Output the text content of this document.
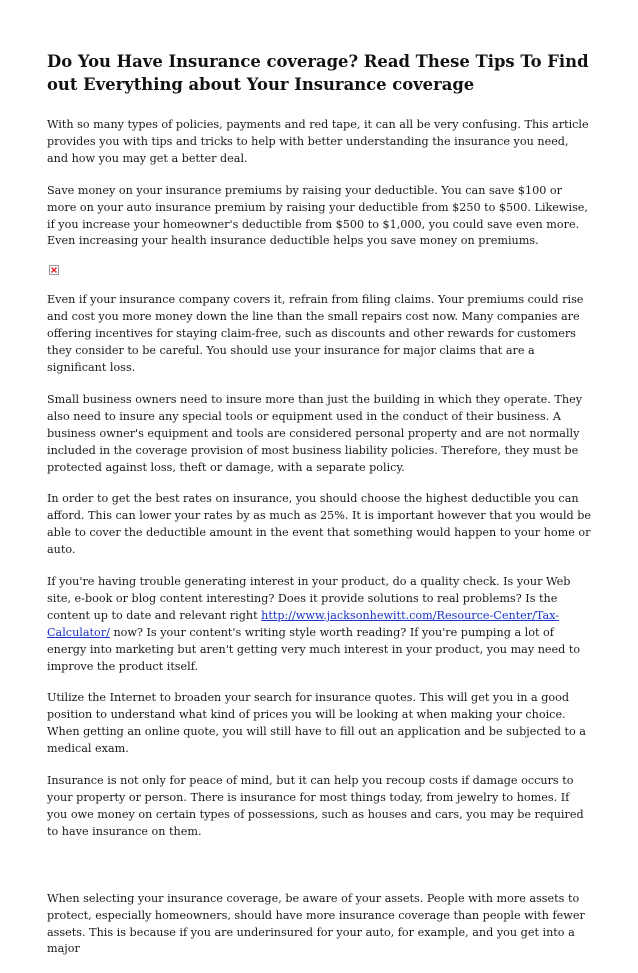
Do You Have Insurance coverage? Read These Tips To Find out Everything about Your Insurance coverage

With so many types of policies, payments and red tape, it can all be very confusing. This article provides you with tips and tricks to help with better understanding the insurance you need, and how you may get a better deal.

Save money on your insurance premiums by raising your deductible. You can save $100 or more on your auto insurance premium by raising your deductible from $250 to $500. Likewise, if you increase your homeowner's deductible from $500 to $1,000, you could save even more. Even increasing your health insurance deductible helps you save money on premiums.

Even if your insurance company covers it, refrain from filing claims. Your premiums could rise and cost you more money down the line than the small repairs cost now. Many companies are offering incentives for staying claim-free, such as discounts and other rewards for customers they consider to be careful. You should use your insurance for major claims that are a significant loss.

Small business owners need to insure more than just the building in which they operate. They also need to insure any special tools or equipment used in the conduct of their business. A business owner's equipment and tools are considered personal property and are not normally included in the coverage provision of most business liability policies. Therefore, they must be protected against loss, theft or damage, with a separate policy.

In order to get the best rates on insurance, you should choose the highest deductible you can afford. This can lower your rates by as much as 25%. It is important however that you would be able to cover the deductible amount in the event that something would happen to your home or auto.

If you're having trouble generating interest in your product, do a quality check. Is your Web site, e-book or blog content interesting? Does it provide solutions to real problems? Is the content up to date and relevant right http://www.jacksonhewitt.com/Resource-Center/Tax-Calculator/ now? Is your content's writing style worth reading? If you're pumping a lot of energy into marketing but aren't getting very much interest in your product, you may need to improve the product itself.

Utilize the Internet to broaden your search for insurance quotes. This will get you in a good position to understand what kind of prices you will be looking at when making your choice. When getting an online quote, you will still have to fill out an application and be subjected to a medical exam.

Insurance is not only for peace of mind, but it can help you recoup costs if damage occurs to your property or person. There is insurance for most things today, from jewelry to homes. If you owe money on certain types of possessions, such as houses and cars, you may be required to have insurance on them.

When selecting your insurance coverage, be aware of your assets. People with more assets to protect, especially homeowners, should have more insurance coverage than people with fewer assets. This is because if you are underinsured for your auto, for example, and you get into a major
